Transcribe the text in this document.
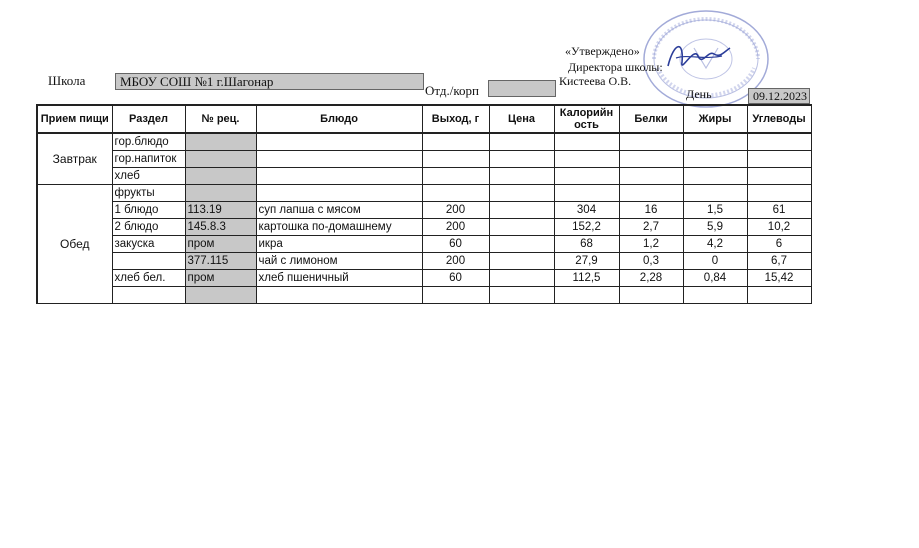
«Утверждено»
Директора школы:
Кистеева О.В.
Школа	МБОУ СОШ №1 г.Шагонар
Отд./корп	День	09.12.2023
Прием пищи	Раздел	№ рец.	Блюдо	Выход, г	Цена	Калорийн ость	Белки	Жиры	Углеводы
Завтрак	гор.блюдо								
	гор.напиток								
	хлеб								
Обед	фрукты								
	1 блюдо	113.19	суп лапша с мясом	200		304	16	1,5	61
	2 блюдо	145.8.3	картошка по-домашнему	200		152,2	2,7	5,9	10,2
	закуска	пром	икра	60		68	1,2	4,2	6
		377.115	чай с лимоном	200		27,9	0,3	0	6,7
	хлеб бел.	пром	хлеб пшеничный	60		112,5	2,28	0,84	15,42
